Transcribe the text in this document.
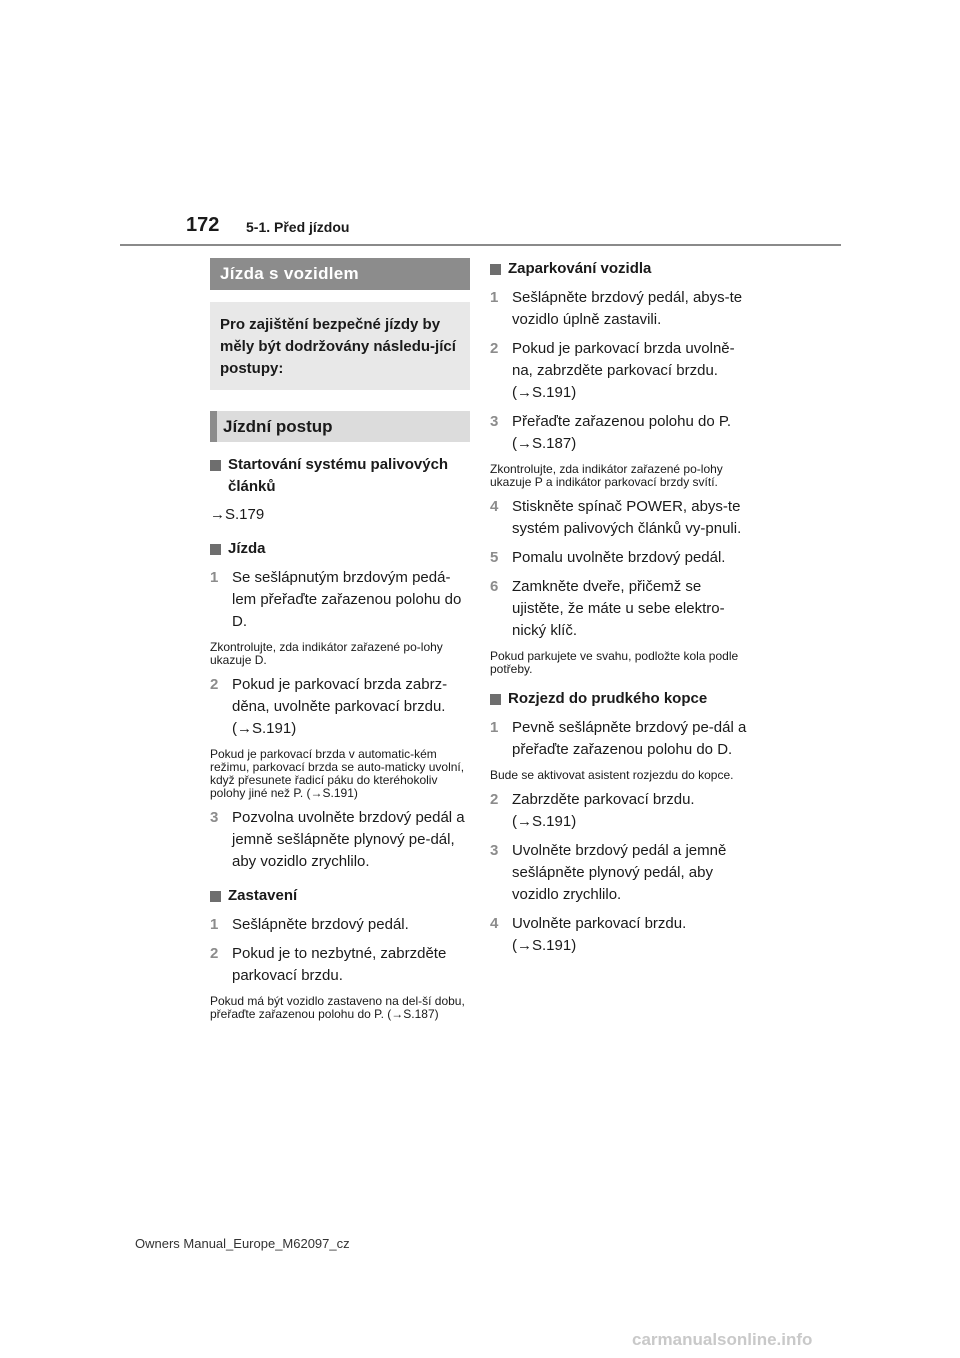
172 5-1. Před jízdou
Jízda s vozidlem
Pro zajištění bezpečné jízdy by měly být dodržovány následu-jící postupy:
Jízdní postup
Startování systému palivových článků
→S.179
Jízda
1 Se sešlápnutým brzdovým pedá-lem přeřaďte zařazenou polohu do D.
Zkontrolujte, zda indikátor zařazené po-lohy ukazuje D.
2 Pokud je parkovací brzda zabrz-děna, uvolněte parkovací brzdu. (→S.191)
Pokud je parkovací brzda v automatic-kém režimu, parkovací brzda se auto-maticky uvolní, když přesunete řadicí páku do kteréhokoliv polohy jiné než P. (→S.191)
3 Pozvolna uvolněte brzdový pedál a jemně sešlápněte plynový pe-dál, aby vozidlo zrychlilo.
Zastavení
1 Sešlápněte brzdový pedál.
2 Pokud je to nezbytné, zabrzděte parkovací brzdu.
Pokud má být vozidlo zastaveno na del-ší dobu, přeřaďte zařazenou polohu do P. (→S.187)
Zaparkování vozidla
1 Sešlápněte brzdový pedál, abys-te vozidlo úplně zastavili.
2 Pokud je parkovací brzda uvolně-na, zabrzděte parkovací brzdu. (→S.191)
3 Přeřaďte zařazenou polohu do P. (→S.187)
Zkontrolujte, zda indikátor zařazené po-lohy ukazuje P a indikátor parkovací brzdy svítí.
4 Stiskněte spínač POWER, abys-te systém palivových článků vy-pnuli.
5 Pomalu uvolněte brzdový pedál.
6 Zamkněte dveře, přičemž se ujistěte, že máte u sebe elektro-nický klíč.
Pokud parkujete ve svahu, podložte kola podle potřeby.
Rozjezd do prudkého kopce
1 Pevně sešlápněte brzdový pe-dál a přeřaďte zařazenou polohu do D.
Bude se aktivovat asistent rozjezdu do kopce.
2 Zabrzděte parkovací brzdu. (→S.191)
3 Uvolněte brzdový pedál a jemně sešlápněte plynový pedál, aby vozidlo zrychlilo.
4 Uvolněte parkovací brzdu. (→S.191)
Owners Manual_Europe_M62097_cz
carmanualsonline.info
